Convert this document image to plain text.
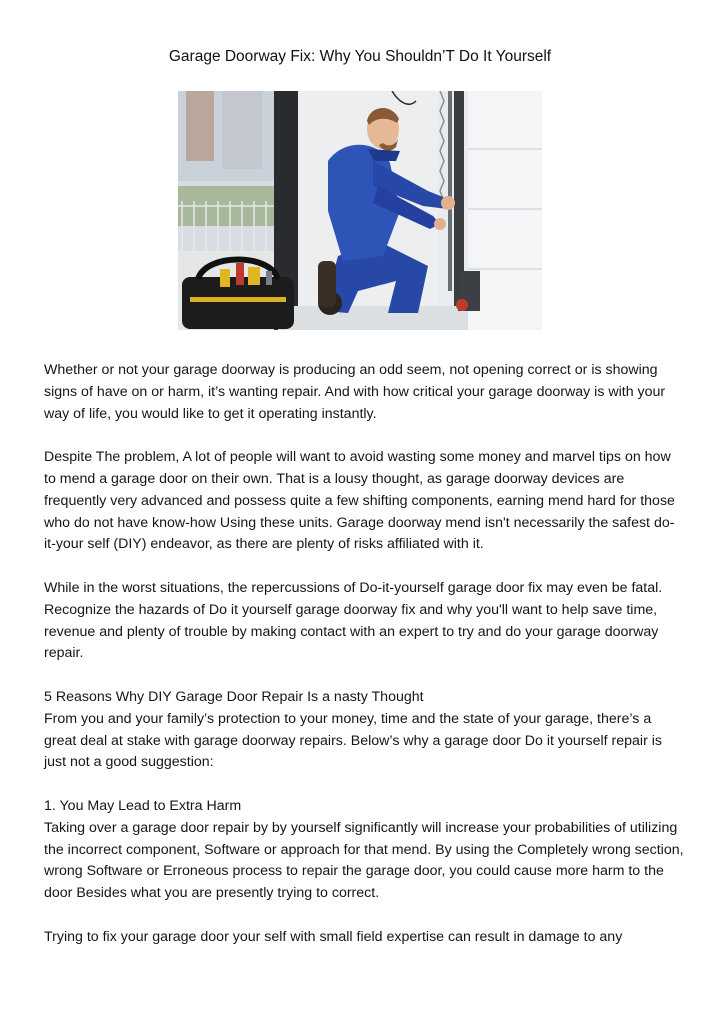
Garage Doorway Fix: Why You Shouldn’T Do It Yourself

Whether or not your garage doorway is producing an odd seem, not opening correct or is showing signs of have on or harm, it’s wanting repair. And with how critical your garage doorway is with your way of life, you would like to get it operating instantly.

Despite The problem, A lot of people will want to avoid wasting some money and marvel tips on how to mend a garage door on their own. That is a lousy thought, as garage doorway devices are frequently very advanced and possess quite a few shifting components, earning mend hard for those who do not have know-how Using these units. Garage doorway mend isn't necessarily the safest do-it-your self (DIY) endeavor, as there are plenty of risks affiliated with it.

While in the worst situations, the repercussions of Do-it-yourself garage door fix may even be fatal. Recognize the hazards of Do it yourself garage doorway fix and why you'll want to help save time, revenue and plenty of trouble by making contact with an expert to try and do your garage doorway repair.

5 Reasons Why DIY Garage Door Repair Is a nasty Thought
From you and your family’s protection to your money, time and the state of your garage, there’s a great deal at stake with garage doorway repairs. Below’s why a garage door Do it yourself repair is just not a good suggestion:

1. You May Lead to Extra Harm
Taking over a garage door repair by by yourself significantly will increase your probabilities of utilizing the incorrect component, Software or approach for that mend. By using the Completely wrong section, wrong Software or Erroneous process to repair the garage door, you could cause more harm to the door Besides what you are presently trying to correct.

Trying to fix your garage door your self with small field expertise can result in damage to any
